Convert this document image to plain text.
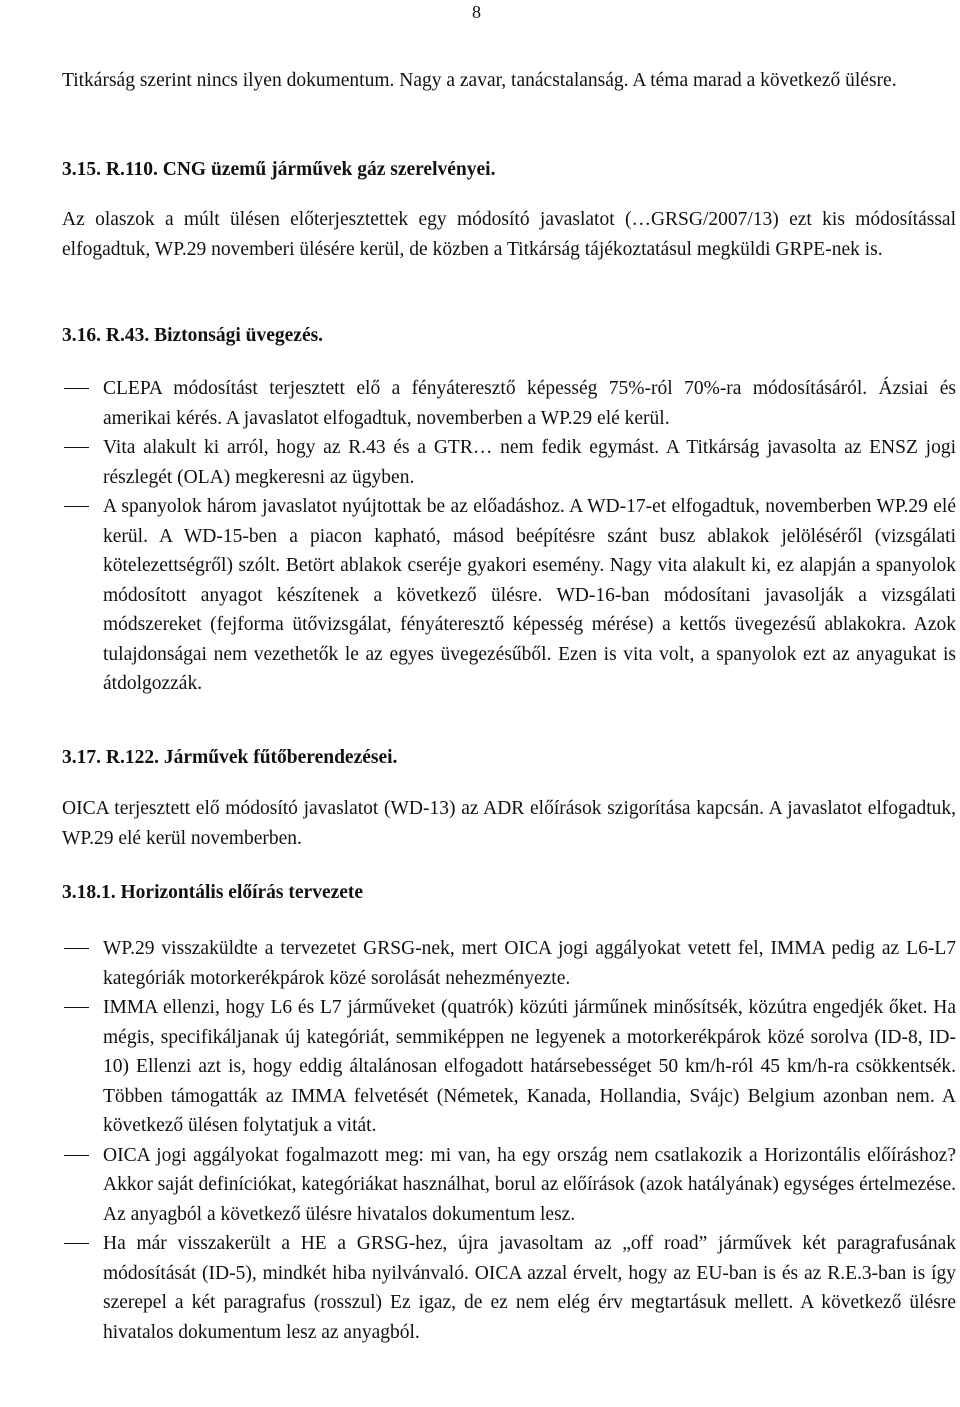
8

Titkárság szerint nincs ilyen dokumentum. Nagy a zavar, tanácstalanság. A téma marad a következő ülésre.

3.15. R.110. CNG üzemű járművek gáz szerelvényei.

Az olaszok a múlt ülésen előterjesztettek egy módosító javaslatot (…GRSG/2007/13) ezt kis módosítással elfogadtuk, WP.29 novemberi ülésére kerül, de közben a Titkárság tájékoztatásul megküldi GRPE-nek is.

3.16. R.43. Biztonsági üvegezés.
CLEPA módosítást terjesztett elő a fényáteresztő képesség 75%-ról 70%-ra módosításáról. Ázsiai és amerikai kérés. A javaslatot elfogadtuk, novemberben a WP.29 elé kerül.
Vita alakult ki arról, hogy az R.43 és a GTR… nem fedik egymást. A Titkárság javasolta az ENSZ jogi részlegét (OLA) megkeresni az ügyben.
A spanyolok három javaslatot nyújtottak be az előadáshoz. A WD-17-et elfogadtuk, novemberben WP.29 elé kerül. A WD-15-ben a piacon kapható, másod beépítésre szánt busz ablakok jelöléséről (vizsgálati kötelezettségről) szólt. Betört ablakok cseréje gyakori esemény. Nagy vita alakult ki, ez alapján a spanyolok módosított anyagot készítenek a következő ülésre. WD-16-ban módosítani javasolják a vizsgálati módszereket (fejforma ütővizsgálat, fényáteresztő képesség mérése) a kettős üvegezésű ablakokra. Azok tulajdonságai nem vezethetők le az egyes üvegezésűből. Ezen is vita volt, a spanyolok ezt az anyagukat is átdolgozzák.
3.17. R.122. Járművek fűtőberendezései.

OICA terjesztett elő módosító javaslatot (WD-13) az ADR előírások szigorítása kapcsán. A javaslatot elfogadtuk, WP.29 elé kerül novemberben.

3.18.1. Horizontális előírás tervezete
WP.29 visszaküldte a tervezetet GRSG-nek, mert OICA jogi aggályokat vetett fel, IMMA pedig az L6-L7 kategóriák motorkerékpárok közé sorolását nehezményezte.
IMMA ellenzi, hogy L6 és L7 járműveket (quatrók) közúti járműnek minősítsék, közútra engedjék őket. Ha mégis, specifikáljanak új kategóriát, semmiképpen ne legyenek a motorkerékpárok közé sorolva (ID-8, ID-10) Ellenzi azt is, hogy eddig általánosan elfogadott határsebességet 50 km/h-ról 45 km/h-ra csökkentsék. Többen támogatták az IMMA felvetését (Németek, Kanada, Hollandia, Svájc) Belgium azonban nem. A következő ülésen folytatjuk a vitát.
OICA jogi aggályokat fogalmazott meg: mi van, ha egy ország nem csatlakozik a Horizontális előíráshoz? Akkor saját definíciókat, kategóriákat használhat, borul az előírások (azok hatályának) egységes értelmezése. Az anyagból a következő ülésre hivatalos dokumentum lesz.
Ha már visszakerült a HE a GRSG-hez, újra javasoltam az „off road” járművek két paragrafusának módosítását (ID-5), mindkét hiba nyilvánvaló. OICA azzal érvelt, hogy az EU-ban is és az R.E.3-ban is így szerepel a két paragrafus (rosszul) Ez igaz, de ez nem elég érv megtartásuk mellett. A következő ülésre hivatalos dokumentum lesz az anyagból.
